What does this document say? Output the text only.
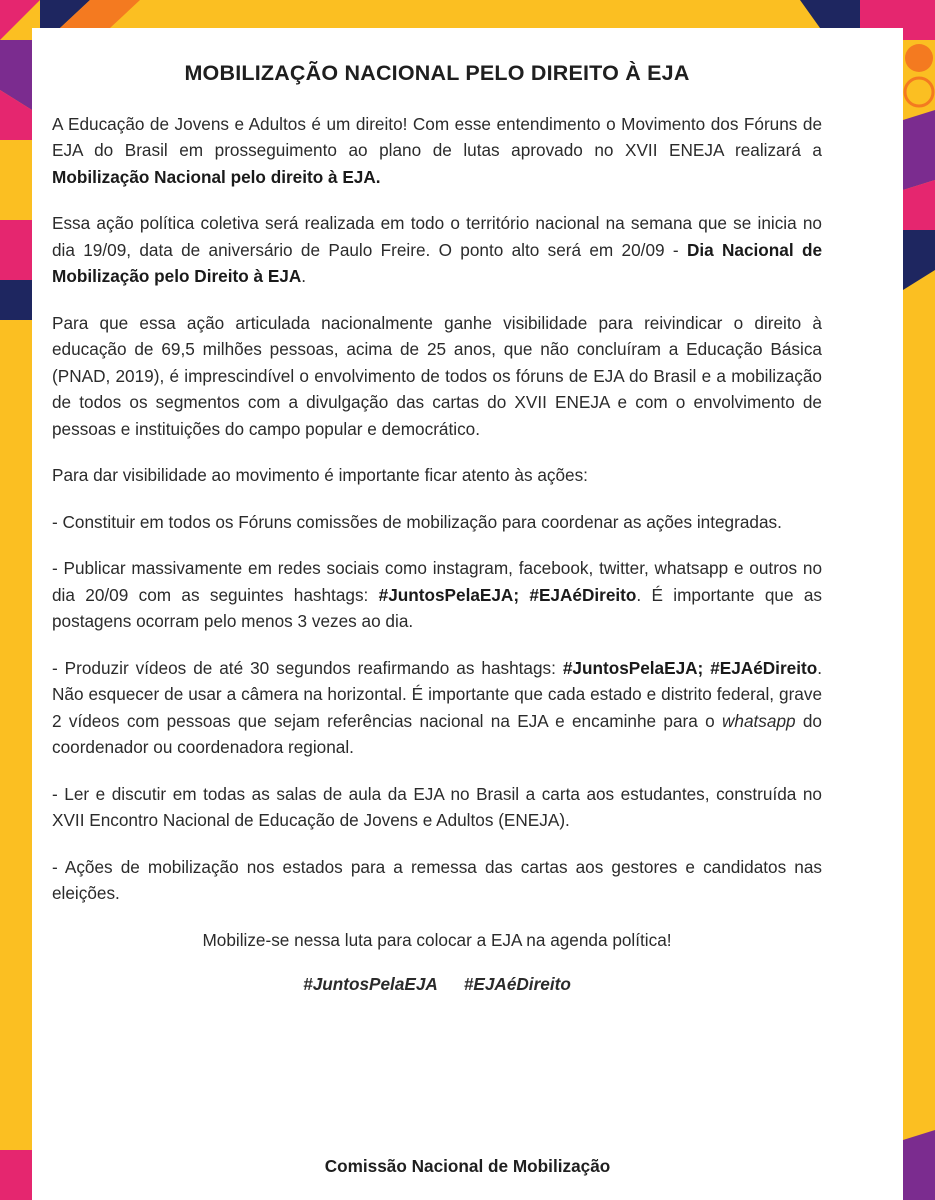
MOBILIZAÇÃO NACIONAL PELO DIREITO À EJA

A Educação de Jovens e Adultos é um direito! Com esse entendimento o Movimento dos Fóruns de EJA do Brasil em prosseguimento ao plano de lutas aprovado no XVII ENEJA realizará a Mobilização Nacional pelo direito à EJA.

Essa ação política coletiva será realizada em todo o território nacional na semana que se inicia no dia 19/09, data de aniversário de Paulo Freire. O ponto alto será em 20/09 - Dia Nacional de Mobilização pelo Direito à EJA.

Para que essa ação articulada nacionalmente ganhe visibilidade para reivindicar o direito à educação de 69,5 milhões pessoas, acima de 25 anos, que não concluíram a Educação Básica (PNAD, 2019), é imprescindível o envolvimento de todos os fóruns de EJA do Brasil e a mobilização de todos os segmentos com a divulgação das cartas do XVII ENEJA e com o envolvimento de pessoas e instituições do campo popular e democrático.

Para dar visibilidade ao movimento é importante ficar atento às ações:

- Constituir em todos os Fóruns comissões de mobilização para coordenar as ações integradas.

- Publicar massivamente em redes sociais como instagram, facebook, twitter, whatsapp e outros no dia 20/09 com as seguintes hashtags: #JuntosPelaEJA; #EJAéDireito. É importante que as postagens ocorram pelo menos 3 vezes ao dia.

- Produzir vídeos de até 30 segundos reafirmando as hashtags: #JuntosPelaEJA; #EJAéDireito. Não esquecer de usar a câmera na horizontal. É importante que cada estado e distrito federal, grave 2 vídeos com pessoas que sejam referências nacional na EJA e encaminhe para o whatsapp do coordenador ou coordenadora regional.

- Ler e discutir em todas as salas de aula da EJA no Brasil a carta aos estudantes, construída no XVII Encontro Nacional de Educação de Jovens e Adultos (ENEJA).

- Ações de mobilização nos estados para a remessa das cartas aos gestores e candidatos nas eleições.

Mobilize-se nessa luta para colocar a EJA na agenda política!

#JuntosPelaEJA #EJAéDireito
Comissão Nacional de Mobilização
